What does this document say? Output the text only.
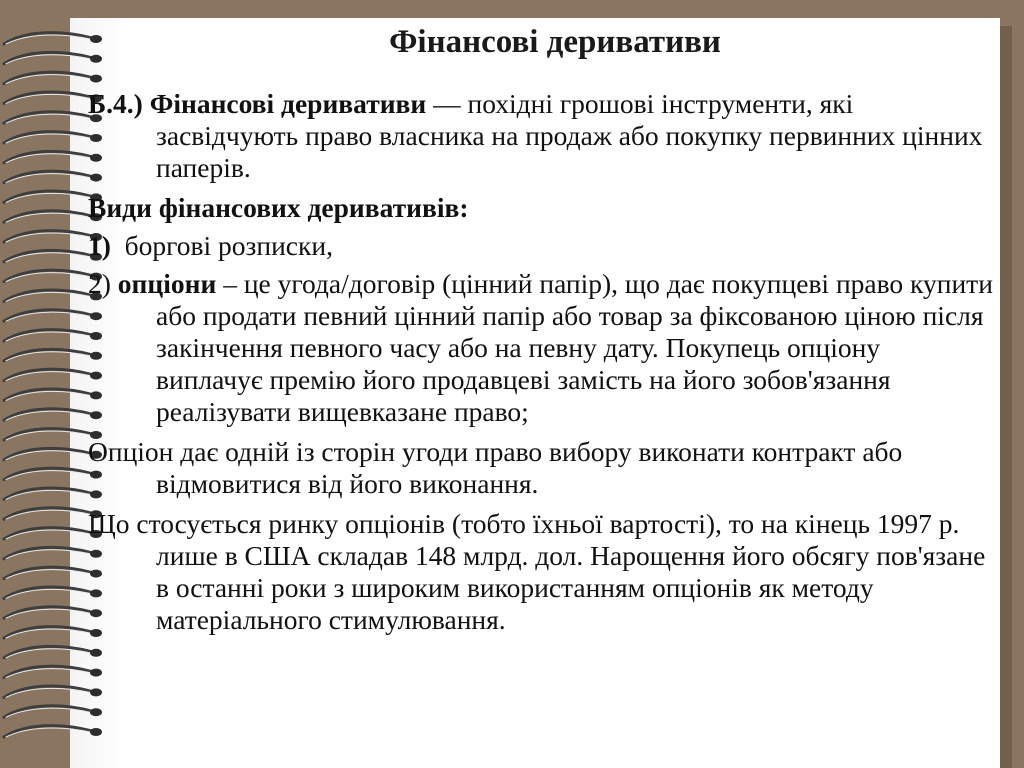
Фінансові деривативи

Б.4.) Фінансові деривативи — похідні грошові інструменти, які засвідчують право власника на продаж або покупку первинних цінних паперів.

Види фінансових деривативів:

1)  боргові розписки,

2) опціони – це угода/договір (цінний папір), що дає покупцеві право купити або продати певний цінний папір або товар за фіксованою ціною після закінчення певного часу або на певну дату. Покупець опціону виплачує премію його продавцеві замість на його зобов'язання реалізувати вищевказане право;

Опціон дає одній із сторін угоди право вибору виконати контракт або відмовитися від його виконання.

Що стосується ринку опціонів (тобто їхньої вартості), то на кінець 1997 р. лише в США складав 148 млрд. дол. Нарощення його обсягу пов'язане в останні роки з широким використанням опціонів як методу матеріального стимулювання.
